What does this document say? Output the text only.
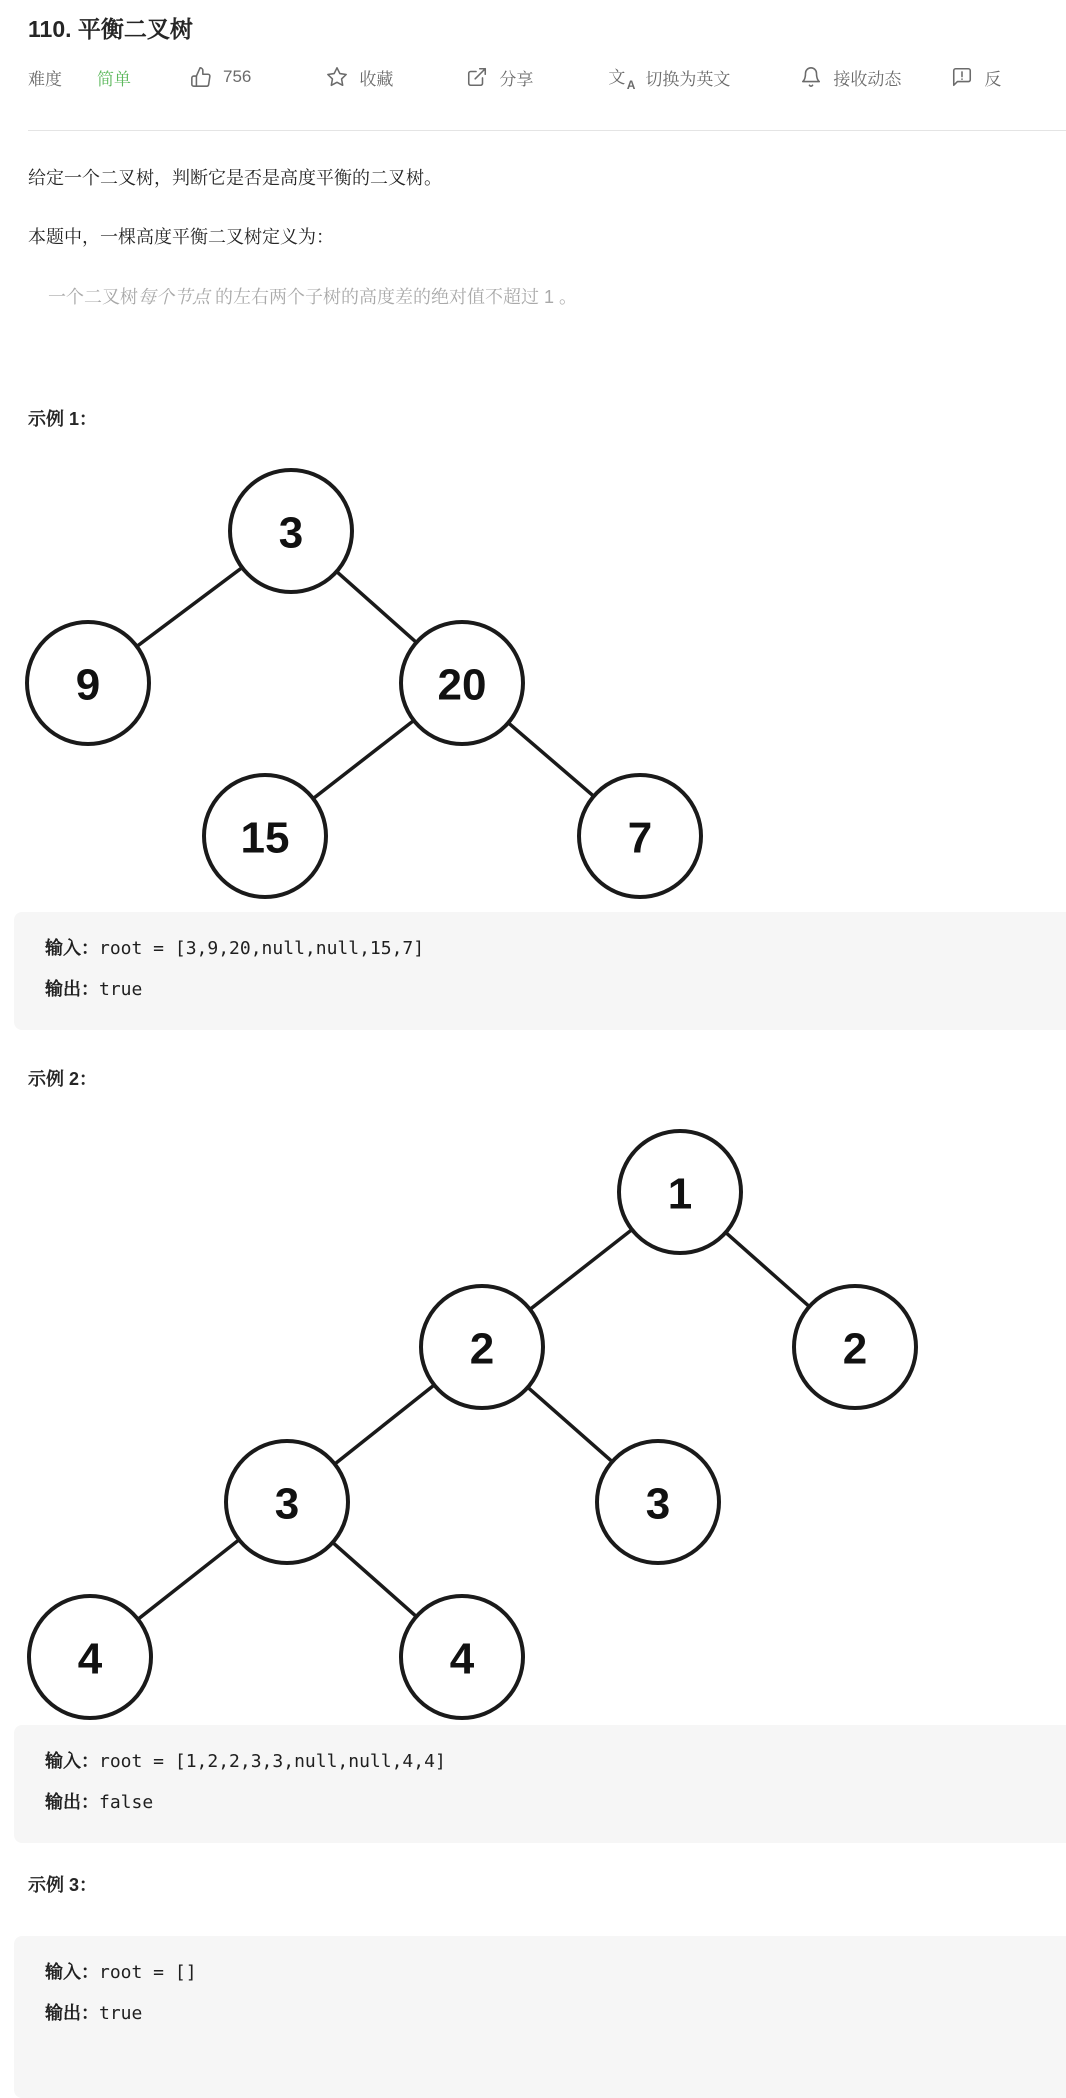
110. 平衡二叉树
难度 简单	756	收藏	分享	文 A 切换为英文	接收动态	反

给定一个二叉树，判断它是否是高度平衡的二叉树。

本题中，一棵高度平衡二叉树定义为：

一个二叉树每个节点 的左右两个子树的高度差的绝对值不超过 1 。

示例 1：

3
9	20
15	7
输入：root = [3,9,20,null,null,15,7]
输出：true

示例 2：

1
2	2
3	3
4	4
输入：root = [1,2,2,3,3,null,null,4,4]
输出：false

示例 3：

输入：root = []
输出：true
